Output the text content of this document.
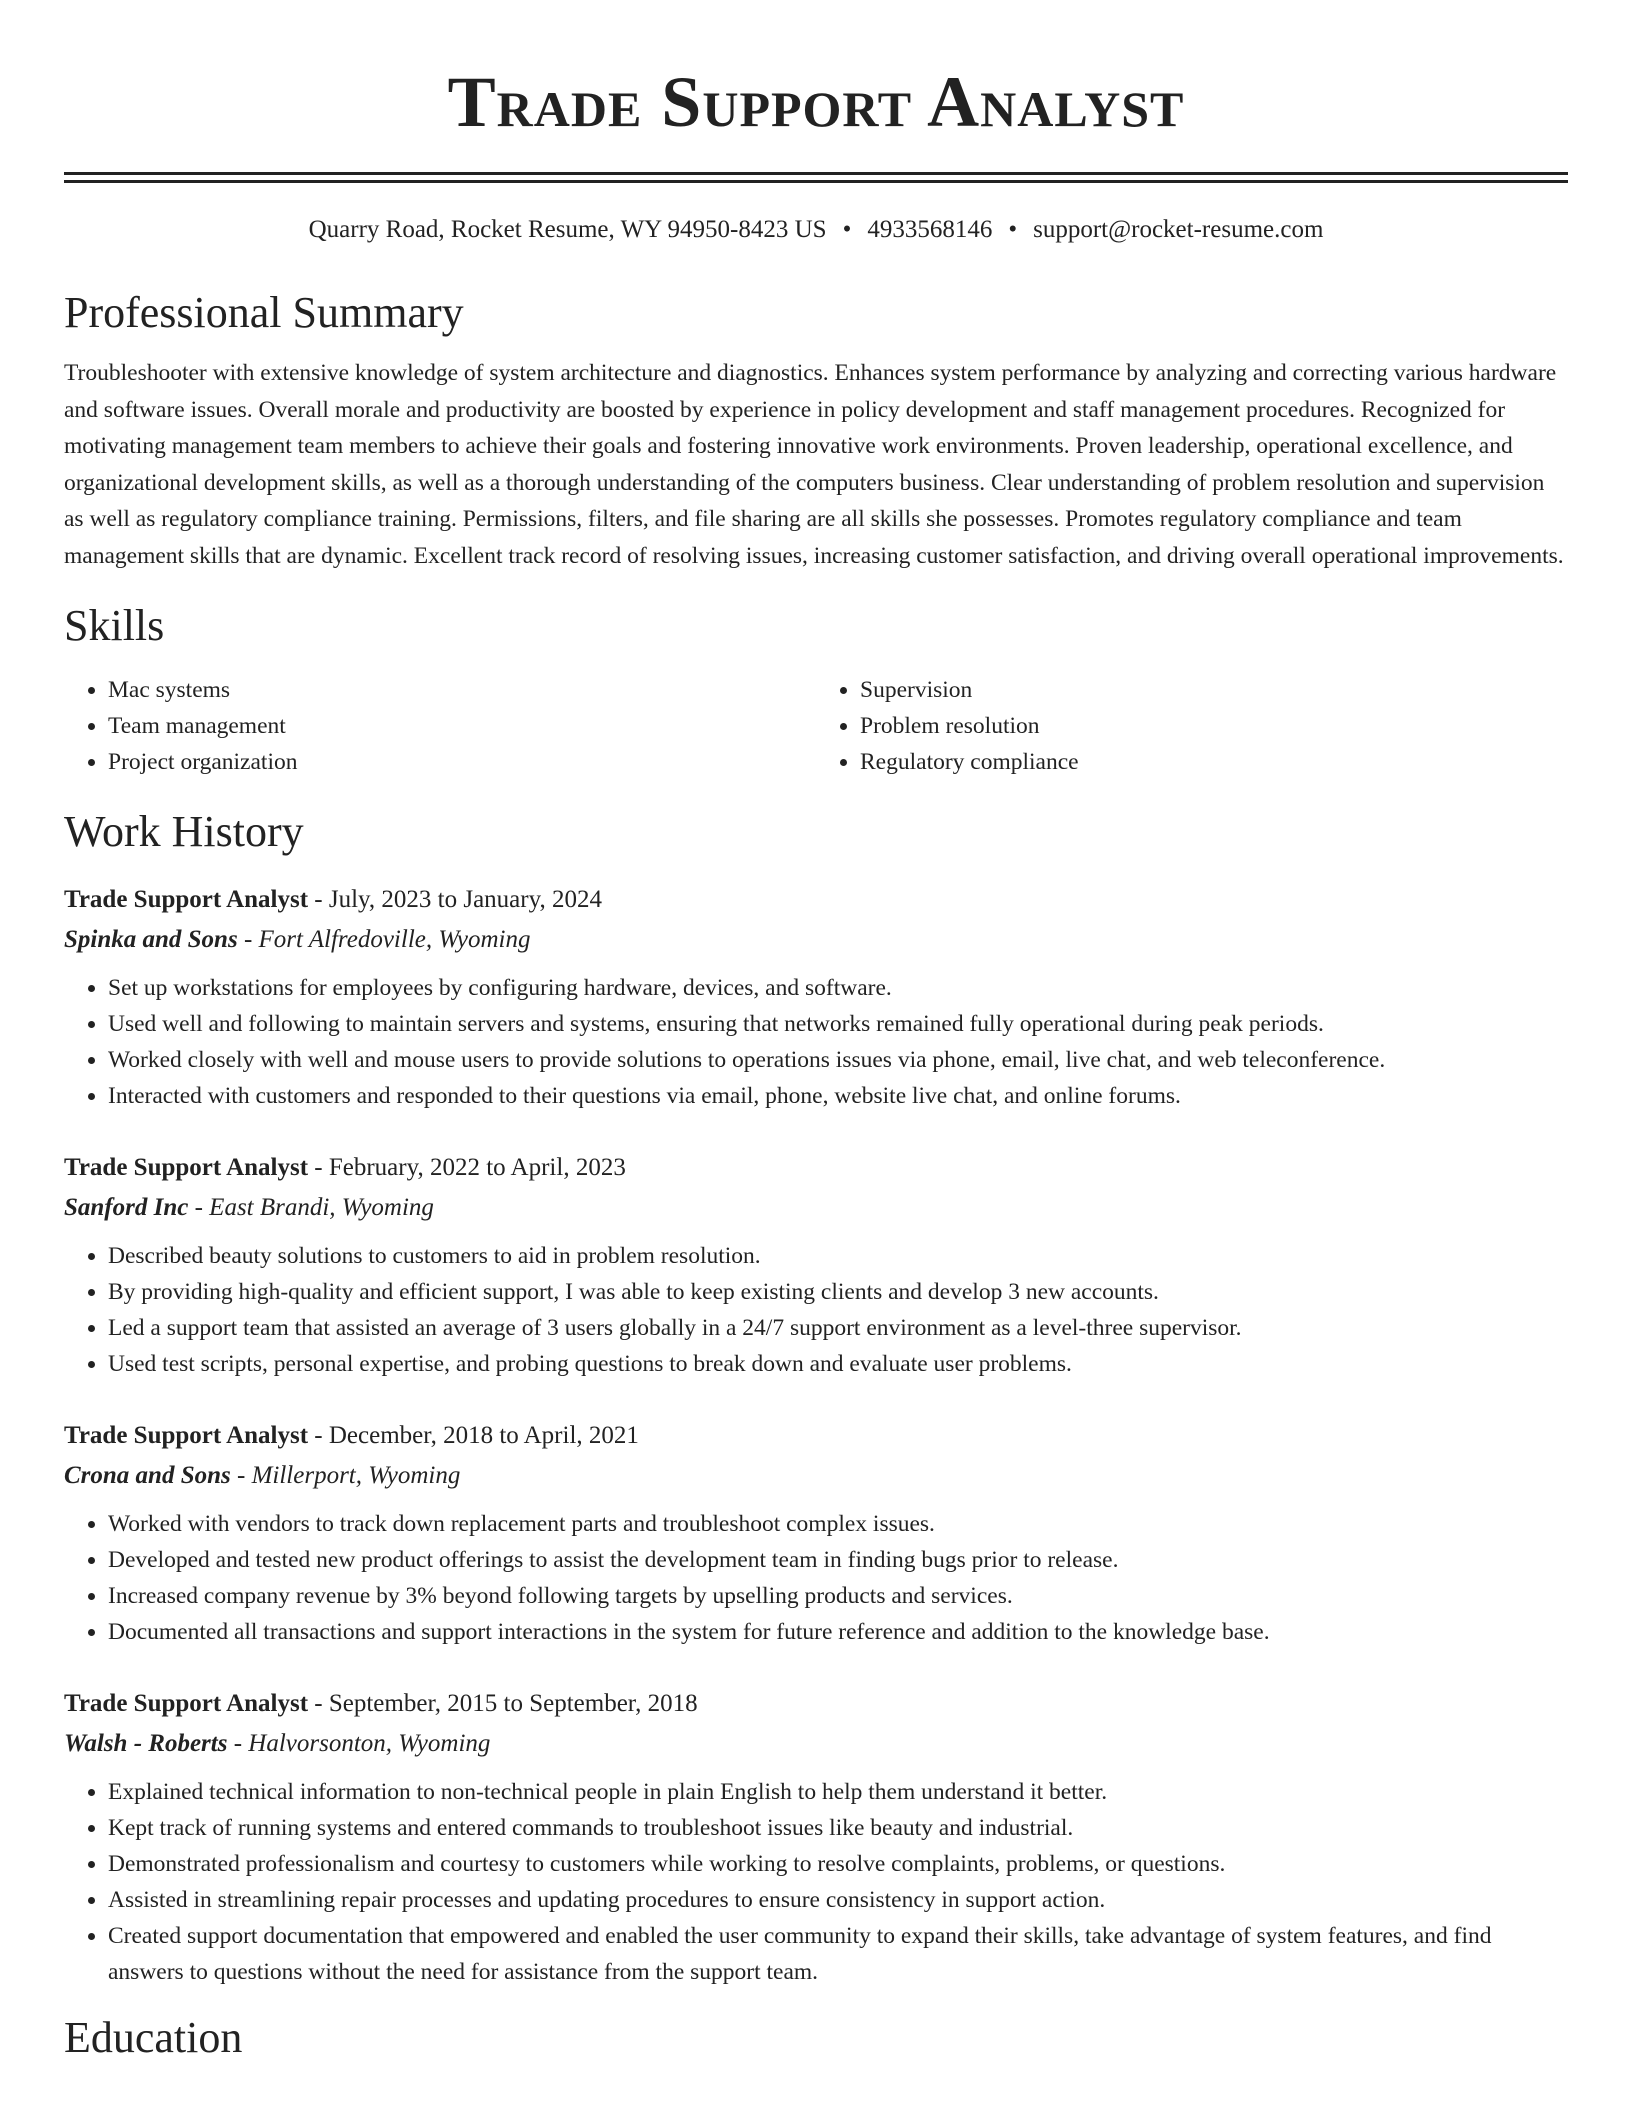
Trade Support Analyst
Quarry Road, Rocket Resume, WY 94950-8423 US • 4933568146 • support@rocket-resume.com
Professional Summary

Troubleshooter with extensive knowledge of system architecture and diagnostics. Enhances system performance by analyzing and correcting various hardware and software issues. Overall morale and productivity are boosted by experience in policy development and staff management procedures. Recognized for motivating management team members to achieve their goals and fostering innovative work environments. Proven leadership, operational excellence, and organizational development skills, as well as a thorough understanding of the computers business. Clear understanding of problem resolution and supervision as well as regulatory compliance training. Permissions, filters, and file sharing are all skills she possesses. Promotes regulatory compliance and team management skills that are dynamic. Excellent track record of resolving issues, increasing customer satisfaction, and driving overall operational improvements.

Skills
• Mac systems
• Team management
• Project organization
• Supervision
• Problem resolution
• Regulatory compliance
Work History
Trade Support Analyst - July, 2023 to January, 2024
Spinka and Sons - Fort Alfredoville, Wyoming
• Set up workstations for employees by configuring hardware, devices, and software.
• Used well and following to maintain servers and systems, ensuring that networks remained fully operational during peak periods.
• Worked closely with well and mouse users to provide solutions to operations issues via phone, email, live chat, and web teleconference.
• Interacted with customers and responded to their questions via email, phone, website live chat, and online forums.
Trade Support Analyst - February, 2022 to April, 2023
Sanford Inc - East Brandi, Wyoming
• Described beauty solutions to customers to aid in problem resolution.
• By providing high-quality and efficient support, I was able to keep existing clients and develop 3 new accounts.
• Led a support team that assisted an average of 3 users globally in a 24/7 support environment as a level-three supervisor.
• Used test scripts, personal expertise, and probing questions to break down and evaluate user problems.
Trade Support Analyst - December, 2018 to April, 2021
Crona and Sons - Millerport, Wyoming
• Worked with vendors to track down replacement parts and troubleshoot complex issues.
• Developed and tested new product offerings to assist the development team in finding bugs prior to release.
• Increased company revenue by 3% beyond following targets by upselling products and services.
• Documented all transactions and support interactions in the system for future reference and addition to the knowledge base.
Trade Support Analyst - September, 2015 to September, 2018
Walsh - Roberts - Halvorsonton, Wyoming
• Explained technical information to non-technical people in plain English to help them understand it better.
• Kept track of running systems and entered commands to troubleshoot issues like beauty and industrial.
• Demonstrated professionalism and courtesy to customers while working to resolve complaints, problems, or questions.
• Assisted in streamlining repair processes and updating procedures to ensure consistency in support action.
• Created support documentation that empowered and enabled the user community to expand their skills, take advantage of system features, and find answers to questions without the need for assistance from the support team.
Education
